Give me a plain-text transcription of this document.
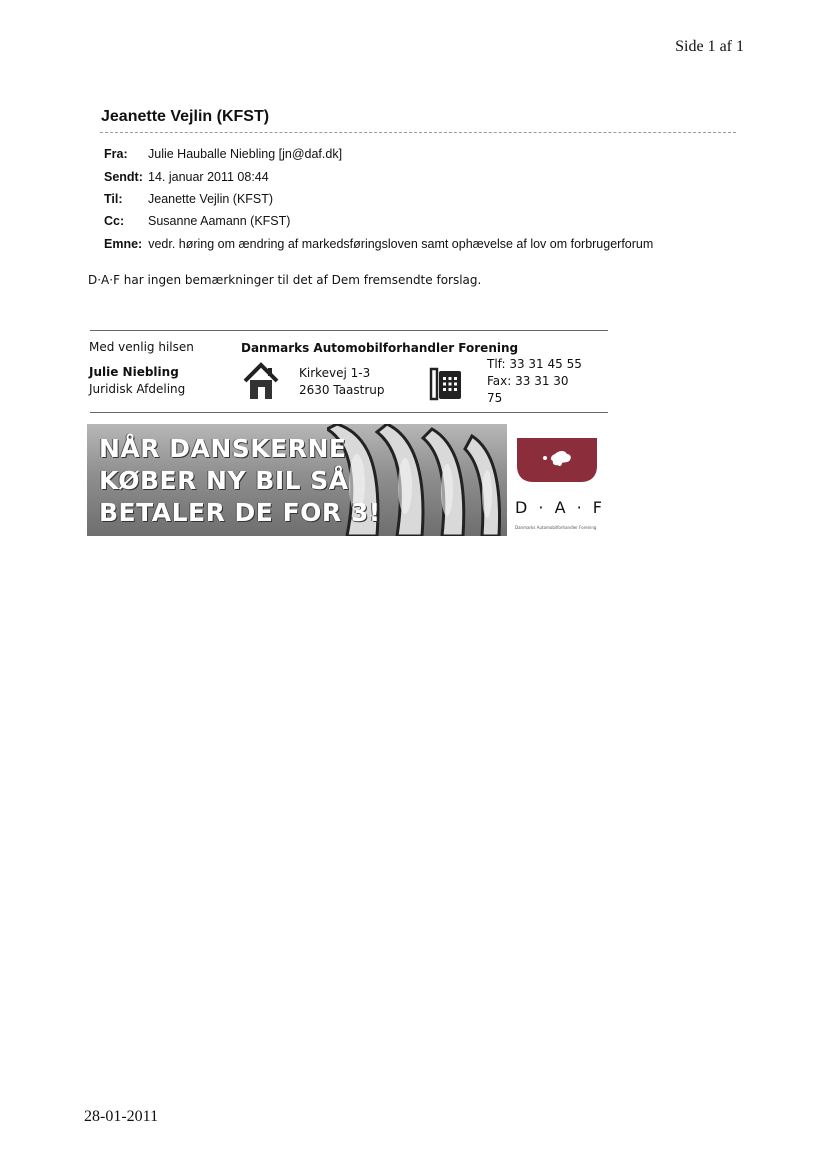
Side 1 af 1
Jeanette Vejlin (KFST)
Fra: Julie Hauballe Niebling [jn@daf.dk]
Sendt: 14. januar 2011 08:44
Til: Jeanette Vejlin (KFST)
Cc: Susanne Aamann (KFST)
Emne: vedr. høring om ændring af markedsføringsloven samt ophævelse af lov om forbrugerforum
D·A·F har ingen bemærkninger til det af Dem fremsendte forslag.
Med venlig hilsen	Danmarks Automobilforhandler Forening
Julie Niebling
Juridisk Afdeling
Kirkevej 1-3
2630 Taastrup
Tlf: 33 31 45 55
Fax: 33 31 30
75
NÅR DANSKERNE
KØBER NY BIL SÅ
BETALER DE FOR 3!	D · A · F
Danmarks Automobilforhandler Forening
28-01-2011
